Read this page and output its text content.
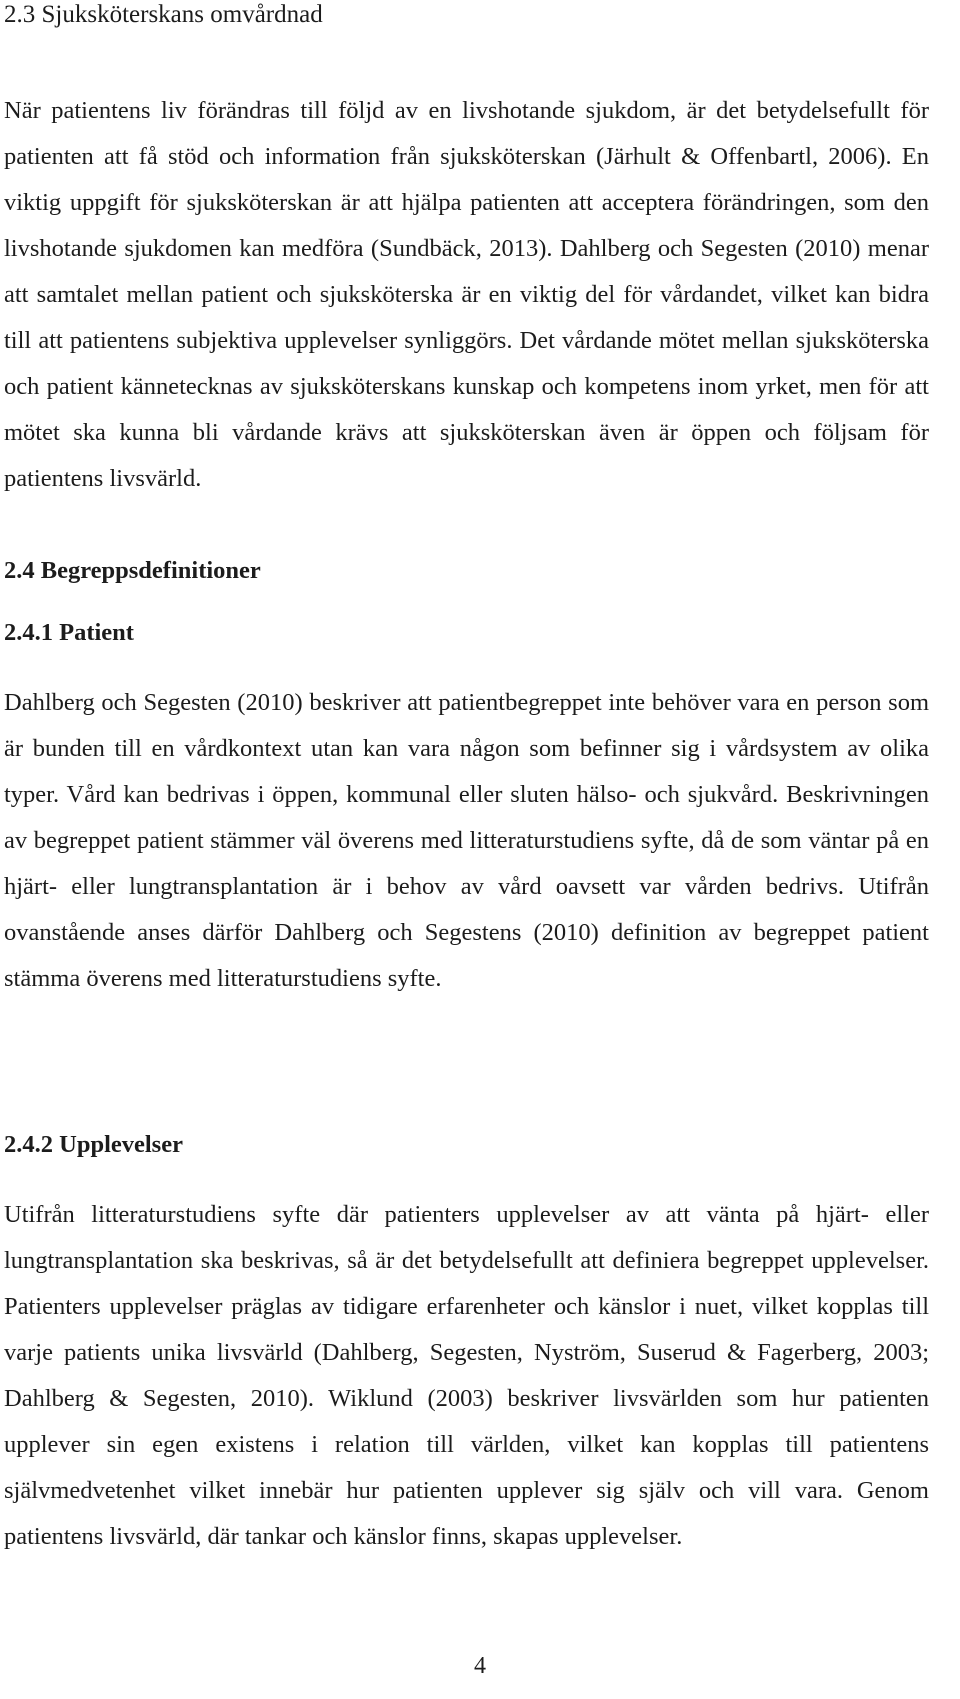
2.3 Sjuksköterskans omvårdnad

När patientens liv förändras till följd av en livshotande sjukdom, är det betydelsefullt för patienten att få stöd och information från sjuksköterskan (Järhult & Offenbartl, 2006). En viktig uppgift för sjuksköterskan är att hjälpa patienten att acceptera förändringen, som den livshotande sjukdomen kan medföra (Sundbäck, 2013). Dahlberg och Segesten (2010) menar att samtalet mellan patient och sjuksköterska är en viktig del för vårdandet, vilket kan bidra till att patientens subjektiva upplevelser synliggörs. Det vårdande mötet mellan sjuksköterska och patient kännetecknas av sjuksköterskans kunskap och kompetens inom yrket, men för att mötet ska kunna bli vårdande krävs att sjuksköterskan även är öppen och följsam för patientens livsvärld.

2.4 Begreppsdefinitioner
2.4.1 Patient

Dahlberg och Segesten (2010) beskriver att patientbegreppet inte behöver vara en person som är bunden till en vårdkontext utan kan vara någon som befinner sig i vårdsystem av olika typer. Vård kan bedrivas i öppen, kommunal eller sluten hälso- och sjukvård. Beskrivningen av begreppet patient stämmer väl överens med litteraturstudiens syfte, då de som väntar på en hjärt- eller lungtransplantation är i behov av vård oavsett var vården bedrivs. Utifrån ovanstående anses därför Dahlberg och Segestens (2010) definition av begreppet patient stämma överens med litteraturstudiens syfte.

2.4.2 Upplevelser

Utifrån litteraturstudiens syfte där patienters upplevelser av att vänta på hjärt- eller lungtransplantation ska beskrivas, så är det betydelsefullt att definiera begreppet upplevelser. Patienters upplevelser präglas av tidigare erfarenheter och känslor i nuet, vilket kopplas till varje patients unika livsvärld (Dahlberg, Segesten, Nyström, Suserud & Fagerberg, 2003; Dahlberg & Segesten, 2010). Wiklund (2003) beskriver livsvärlden som hur patienten upplever sin egen existens i relation till världen, vilket kan kopplas till patientens självmedvetenhet vilket innebär hur patienten upplever sig själv och vill vara. Genom patientens livsvärld, där tankar och känslor finns, skapas upplevelser.

4
